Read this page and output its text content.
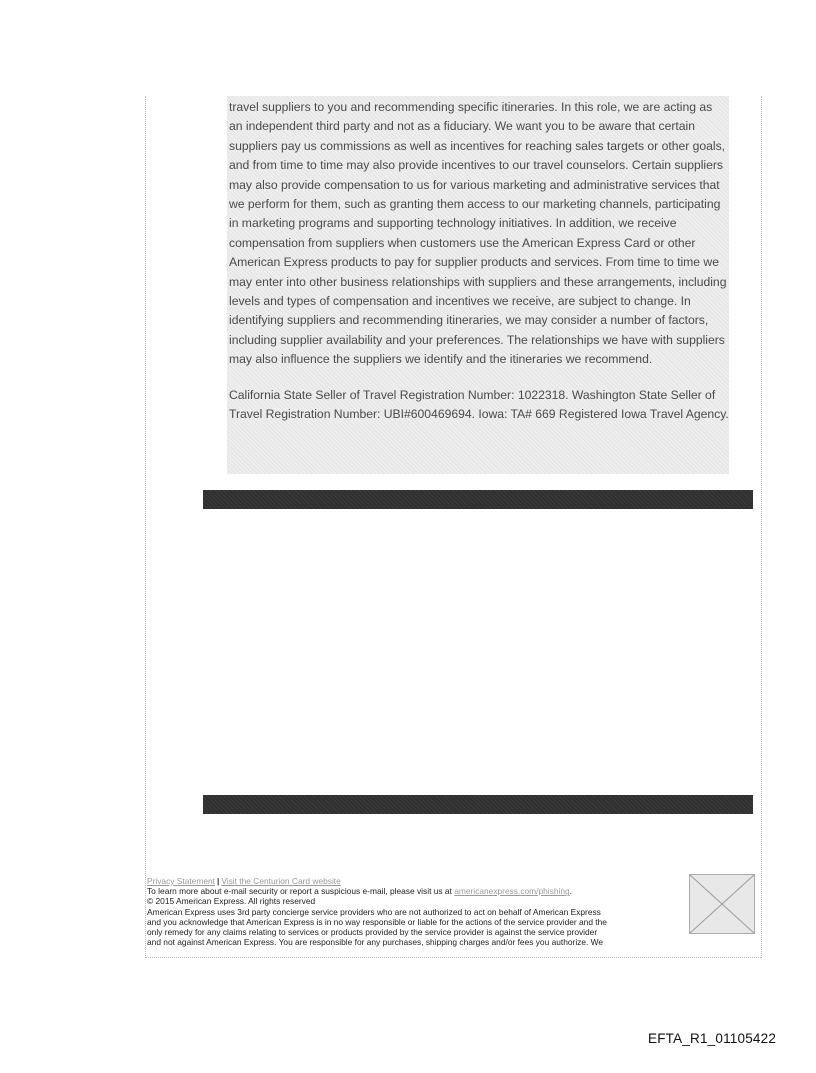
travel suppliers to you and recommending specific itineraries. In this role, we are acting as an independent third party and not as a fiduciary. We want you to be aware that certain suppliers pay us commissions as well as incentives for reaching sales targets or other goals, and from time to time may also provide incentives to our travel counselors. Certain suppliers may also provide compensation to us for various marketing and administrative services that we perform for them, such as granting them access to our marketing channels, participating in marketing programs and supporting technology initiatives. In addition, we receive compensation from suppliers when customers use the American Express Card or other American Express products to pay for supplier products and services. From time to time we may enter into other business relationships with suppliers and these arrangements, including levels and types of compensation and incentives we receive, are subject to change. In identifying suppliers and recommending itineraries, we may consider a number of factors, including supplier availability and your preferences. The relationships we have with suppliers may also influence the suppliers we identify and the itineraries we recommend.

California State Seller of Travel Registration Number: 1022318. Washington State Seller of Travel Registration Number: UBI#600469694. Iowa: TA# 669 Registered Iowa Travel Agency.

Privacy Statement | Visit the Centurion Card website
To learn more about e-mail security or report a suspicious e-mail, please visit us at americanexpress.com/phishing.
© 2015 American Express. All rights reserved
American Express uses 3rd party concierge service providers who are not authorized to act on behalf of American Express
and you acknowledge that American Express is in no way responsible or liable for the actions of the service provider and the
only remedy for any claims relating to services or products provided by the service provider is against the service provider
and not against American Express. You are responsible for any purchases, shipping charges and/or fees you authorize. We
EFTA_R1_01105422
